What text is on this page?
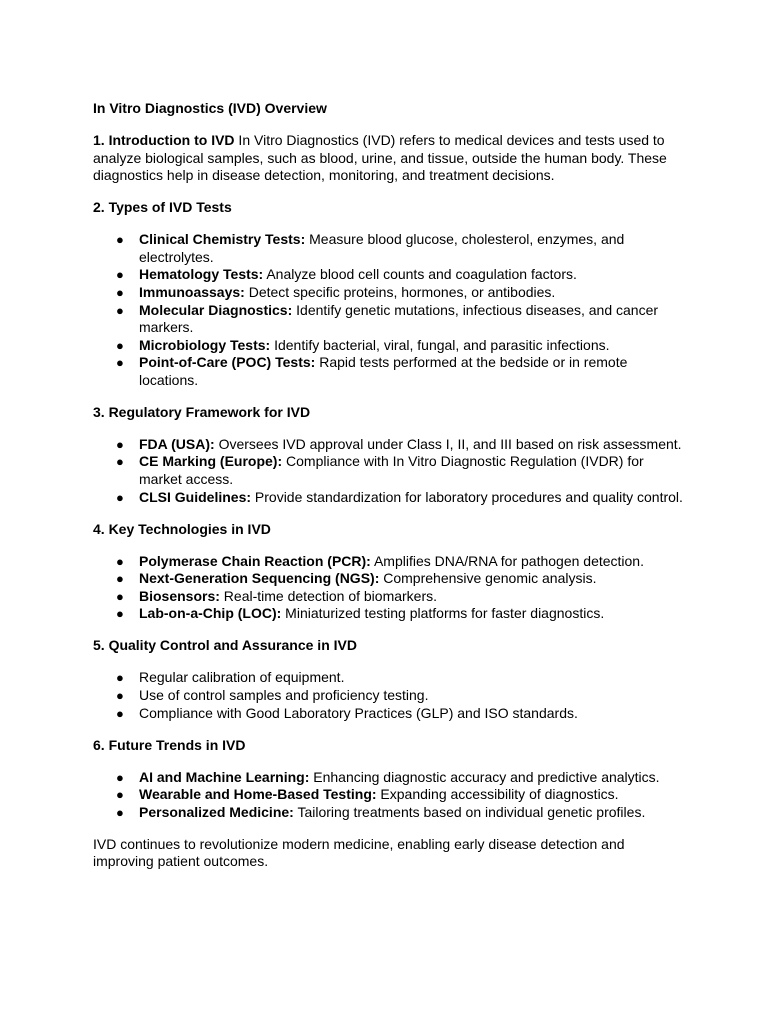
In Vitro Diagnostics (IVD) Overview
1. Introduction to IVD In Vitro Diagnostics (IVD) refers to medical devices and tests used to analyze biological samples, such as blood, urine, and tissue, outside the human body. These diagnostics help in disease detection, monitoring, and treatment decisions.
2. Types of IVD Tests
● Clinical Chemistry Tests: Measure blood glucose, cholesterol, enzymes, and electrolytes.
● Hematology Tests: Analyze blood cell counts and coagulation factors.
● Immunoassays: Detect specific proteins, hormones, or antibodies.
● Molecular Diagnostics: Identify genetic mutations, infectious diseases, and cancer markers.
● Microbiology Tests: Identify bacterial, viral, fungal, and parasitic infections.
● Point-of-Care (POC) Tests: Rapid tests performed at the bedside or in remote locations.
3. Regulatory Framework for IVD
● FDA (USA): Oversees IVD approval under Class I, II, and III based on risk assessment.
● CE Marking (Europe): Compliance with In Vitro Diagnostic Regulation (IVDR) for market access.
● CLSI Guidelines: Provide standardization for laboratory procedures and quality control.
4. Key Technologies in IVD
● Polymerase Chain Reaction (PCR): Amplifies DNA/RNA for pathogen detection.
● Next-Generation Sequencing (NGS): Comprehensive genomic analysis.
● Biosensors: Real-time detection of biomarkers.
● Lab-on-a-Chip (LOC): Miniaturized testing platforms for faster diagnostics.
5. Quality Control and Assurance in IVD
● Regular calibration of equipment.
● Use of control samples and proficiency testing.
● Compliance with Good Laboratory Practices (GLP) and ISO standards.
6. Future Trends in IVD
● AI and Machine Learning: Enhancing diagnostic accuracy and predictive analytics.
● Wearable and Home-Based Testing: Expanding accessibility of diagnostics.
● Personalized Medicine: Tailoring treatments based on individual genetic profiles.
IVD continues to revolutionize modern medicine, enabling early disease detection and improving patient outcomes.
